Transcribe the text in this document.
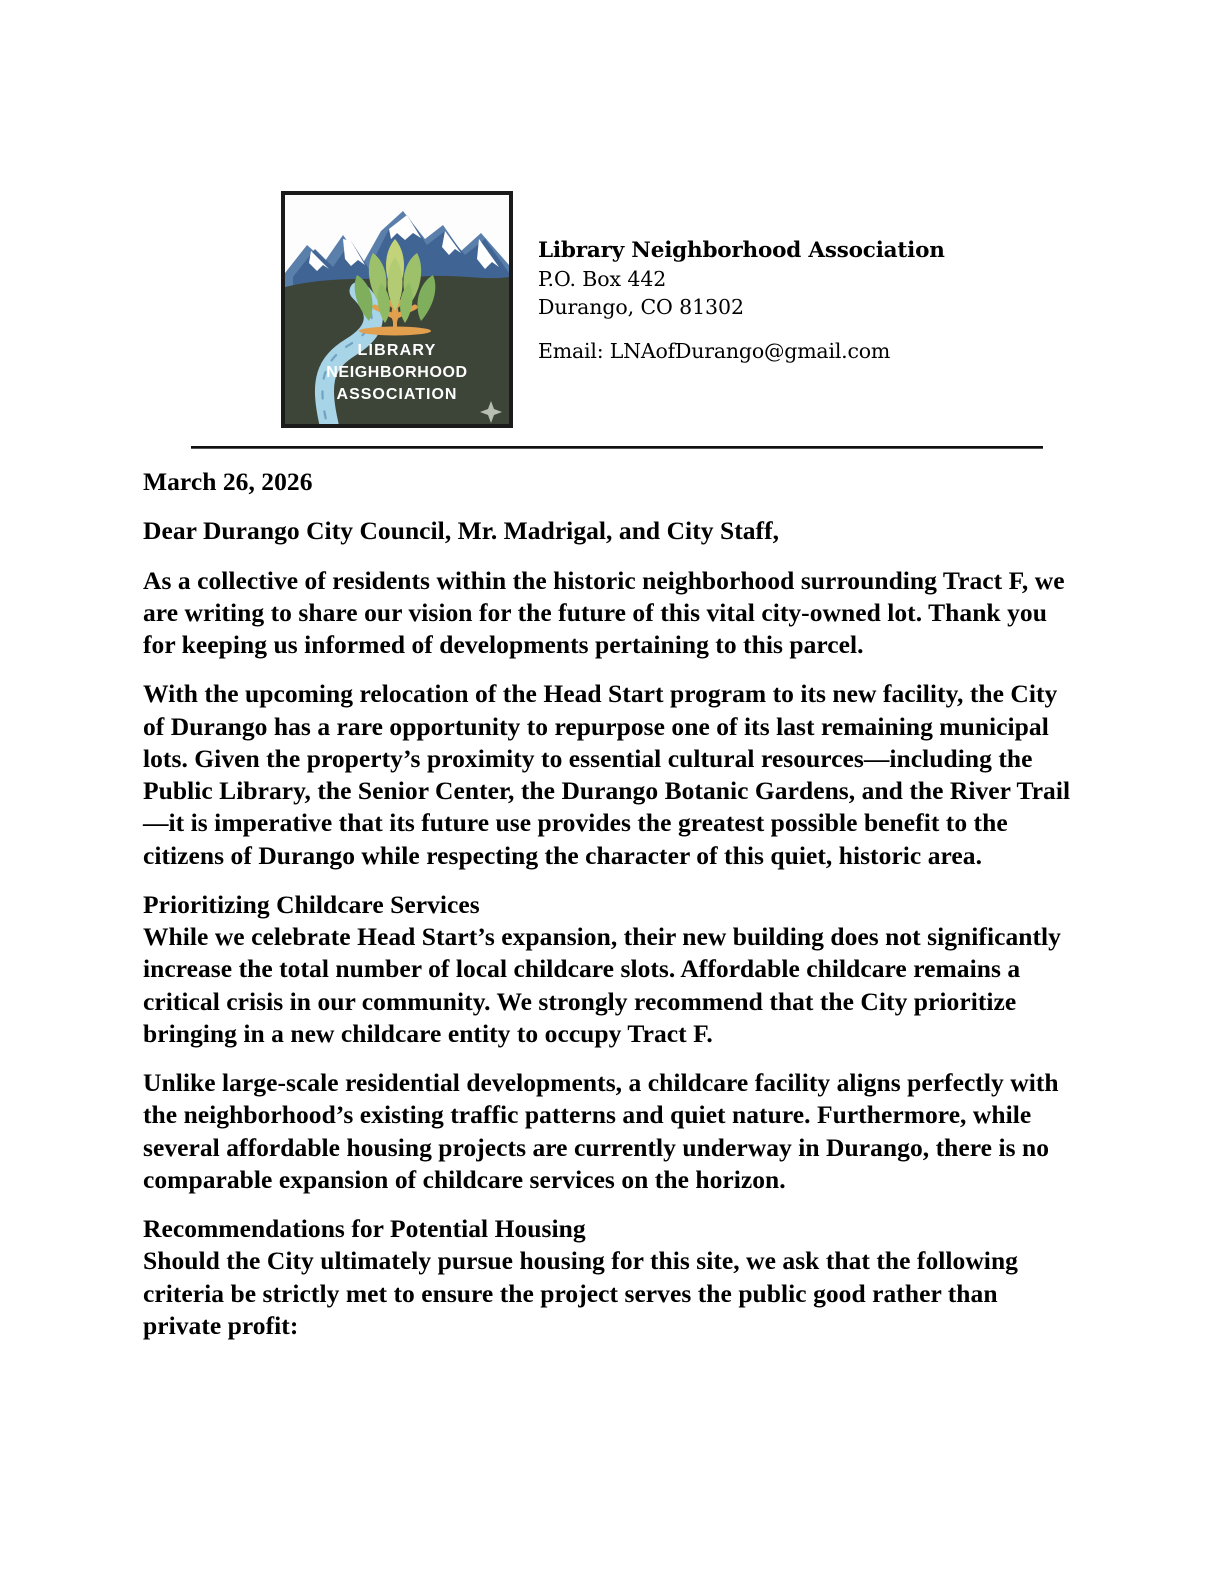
LIBRARY
NEIGHBORHOOD
ASSOCIATION
Library Neighborhood Association
P.O. Box 442
Durango, CO 81302
Email: LNAofDurango@gmail.com

March 26, 2026

Dear Durango City Council, Mr. Madrigal, and City Staff,

As a collective of residents within the historic neighborhood surrounding Tract F, we are writing to share our vision for the future of this vital city-owned lot. Thank you for keeping us informed of developments pertaining to this parcel.

With the upcoming relocation of the Head Start program to its new facility, the City of Durango has a rare opportunity to repurpose one of its last remaining municipal lots. Given the property’s proximity to essential cultural resources—including the Public Library, the Senior Center, the Durango Botanic Gardens, and the River Trail—it is imperative that its future use provides the greatest possible benefit to the citizens of Durango while respecting the character of this quiet, historic area.

Prioritizing Childcare Services

While we celebrate Head Start’s expansion, their new building does not significantly increase the total number of local childcare slots. Affordable childcare remains a critical crisis in our community. We strongly recommend that the City prioritize bringing in a new childcare entity to occupy Tract F.

Unlike large-scale residential developments, a childcare facility aligns perfectly with the neighborhood’s existing traffic patterns and quiet nature. Furthermore, while several affordable housing projects are currently underway in Durango, there is no comparable expansion of childcare services on the horizon.

Recommendations for Potential Housing

Should the City ultimately pursue housing for this site, we ask that the following criteria be strictly met to ensure the project serves the public good rather than private profit:
